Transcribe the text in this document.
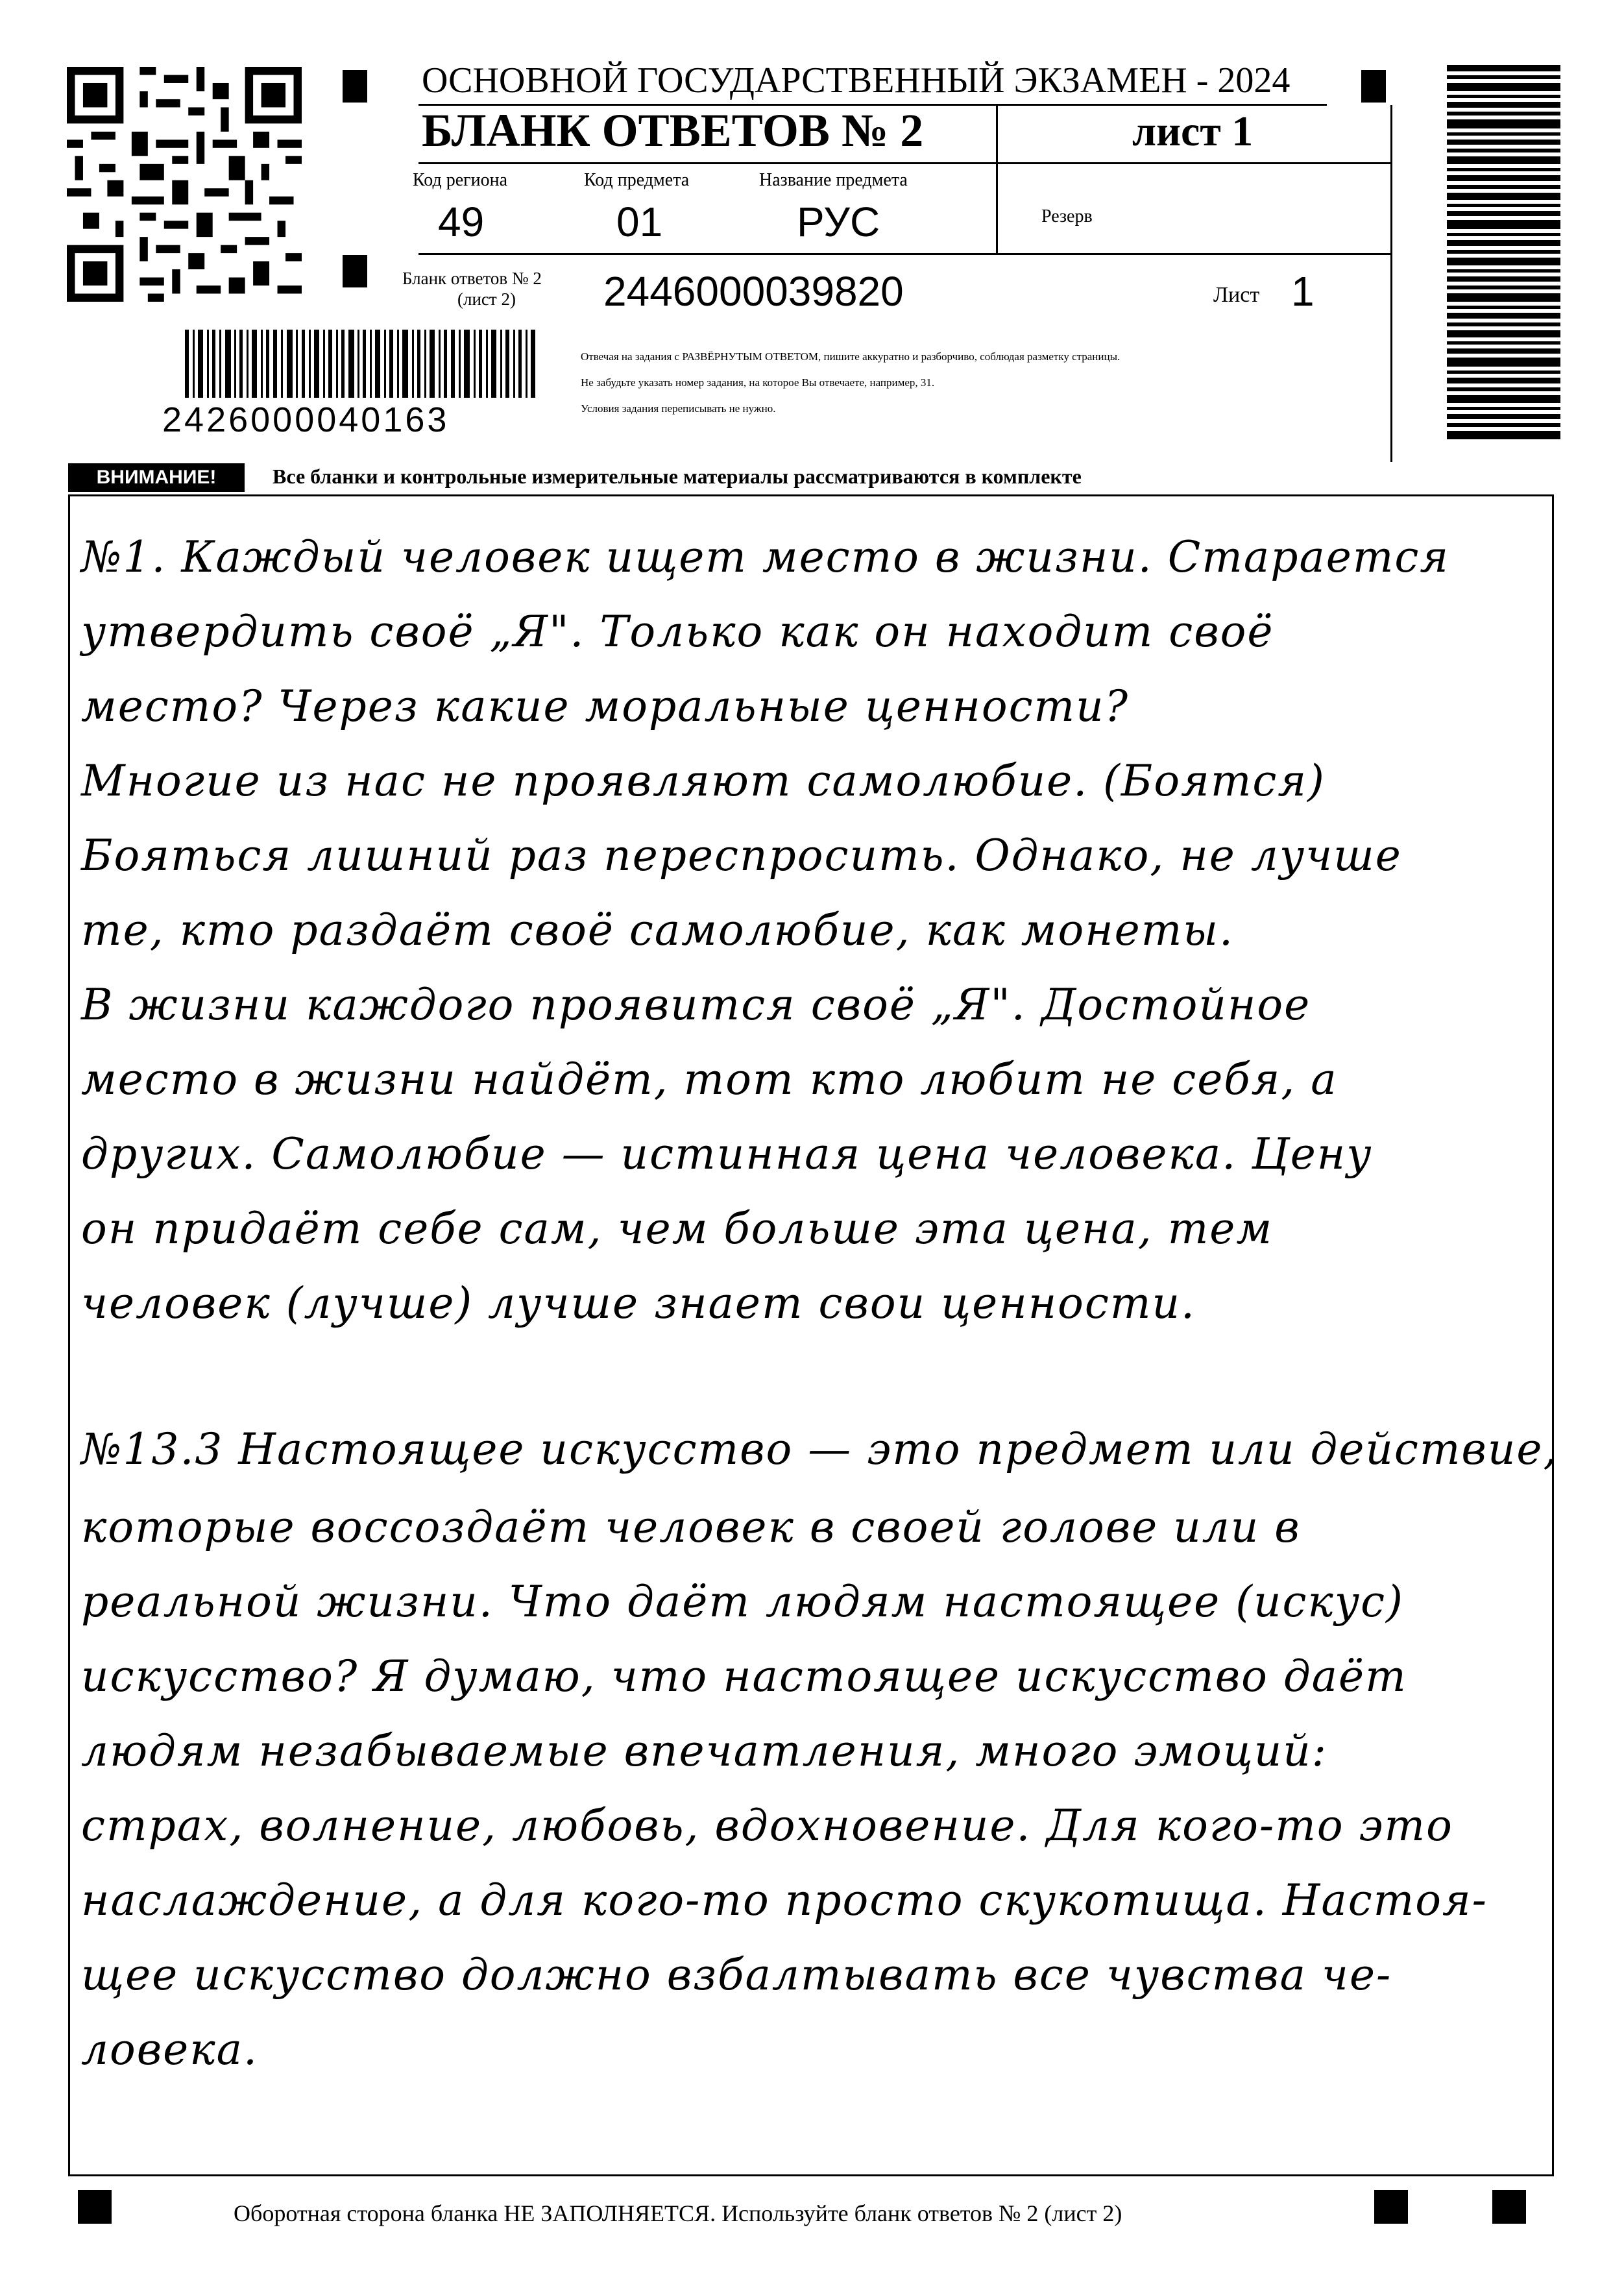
ОСНОВНОЙ ГОСУДАРСТВЕННЫЙ ЭКЗАМЕН - 2024
БЛАНК ОТВЕТОВ № 2	лист 1
Код региона
49
Код предмета
01
Название предмета
РУС	Резерв
Бланк ответов № 2
(лист 2) 2446000039820	Лист 1
Отвечая на задания с РАЗВЁРНУТЫМ ОТВЕТОМ, пишите аккуратно и разборчиво, соблюдая разметку страницы.
Не забудьте указать номер задания, на которое Вы отвечаете, например, 31.
Условия задания переписывать не нужно.
2426000040163
ВНИМАНИЕ!	Все бланки и контрольные измерительные материалы рассматриваются в комплекте
№1. Каждый человек ищет место в жизни. Старается
утвердить своё „Я". Только как он находит своё
место? Через какие моральные ценности?
Многие из нас не проявляют самолюбие. (Боятся)
Бояться лишний раз переспросить. Однако, не лучше
те, кто раздаёт своё самолюбие, как монеты.
В жизни каждого проявится своё „Я". Достойное
место в жизни найдёт, тот кто любит не себя, а
других. Самолюбие — истинная цена человека. Цену
он придаёт себе сам, чем больше эта цена, тем
человек (лучше) лучше знает свои ценности.
№13.3 Настоящее искусство — это предмет или действие,
которые воссоздаёт человек в своей голове или в
реальной жизни. Что даёт людям настоящее (искус)
искусство? Я думаю, что настоящее искусство даёт
людям незабываемые впечатления, много эмоций:
страх, волнение, любовь, вдохновение. Для кого-то это
наслаждение, а для кого-то просто скукотища. Настоя-
щее искусство должно взбалтывать все чувства че-
ловека.
Оборотная сторона бланка НЕ ЗАПОЛНЯЕТСЯ. Используйте бланк ответов № 2 (лист 2)
